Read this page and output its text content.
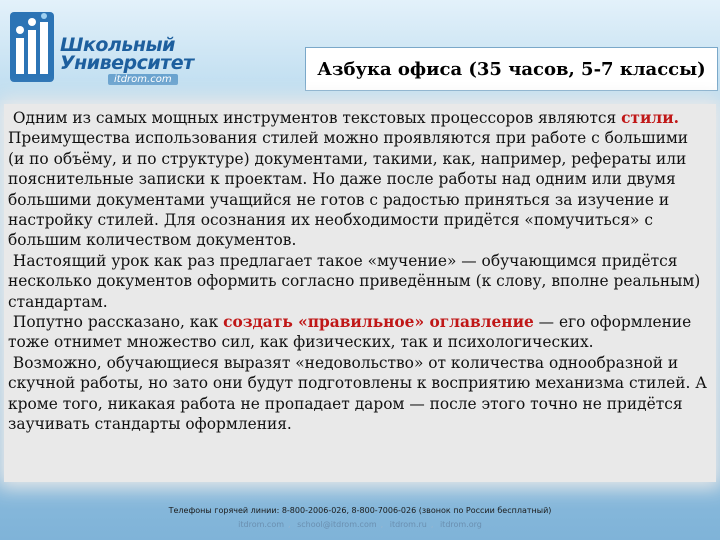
Школьный
Университет
itdrom.com	Азбука офиса (35 часов, 5-7 классы)

Одним из самых мощных инструментов текстовых процессоров являются стили. Преимущества использования стилей можно проявляются при работе с большими (и по объёму, и по структуре) документами, такими, как, например, рефераты или пояснительные записки к проектам. Но даже после работы над одним или двумя большими документами учащийся не готов с радостью приняться за изучение и настройку стилей. Для осознания их необходимости придётся «помучиться» с большим количеством документов.

Настоящий урок как раз предлагает такое «мучение» — обучающимся придётся несколько документов оформить согласно приведённым (к слову, вполне реальным) стандартам.

Попутно рассказано, как создать «правильное» оглавление — его оформление тоже отнимет множество сил, как физических, так и психологических.

Возможно, обучающиеся выразят «недовольство» от количества однообразной и скучной работы, но зато они будут подготовлены к восприятию механизма стилей. А кроме того, никакая работа не пропадает даром — после этого точно не придётся заучивать стандарты оформления.

Телефоны горячей линии: 8-800-2006-026, 8-800-7006-026 (звонок по России бесплатный)
itdrom.com , school@itdrom.com , itdrom.ru , itdrom.org
